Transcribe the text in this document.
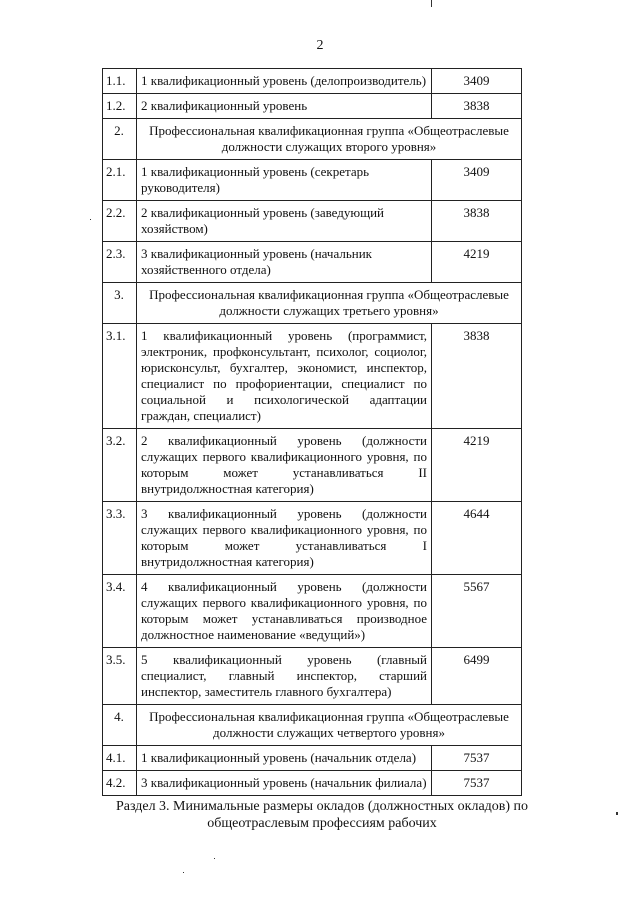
2
1.1.	1 квалификационный уровень (делопроизводитель)	3409
1.2.	2 квалификационный уровень	3838
2.	Профессиональная квалификационная группа «Общеотраслевые должности служащих второго уровня»	
2.1.	1 квалификационный уровень (секретарь руководителя)	3409
2.2.	2 квалификационный уровень (заведующий хозяйством)	3838
2.3.	3 квалификационный уровень (начальник хозяйственного отдела)	4219
3.	Профессиональная квалификационная группа «Общеотраслевые должности служащих третьего уровня»	
3.1.	1 квалификационный уровень (программист, электроник, профконсультант, психолог, социолог, юрисконсульт, бухгалтер, экономист, инспектор, специалист по профориентации, специалист по социальной и психологической адаптации граждан, специалист)	3838
3.2.	2 квалификационный уровень (должности служащих первого квалификационного уровня, по которым может устанавливаться II внутридолжностная категория)	4219
3.3.	3 квалификационный уровень (должности служащих первого квалификационного уровня, по которым может устанавливаться I внутридолжностная категория)	4644
3.4.	4 квалификационный уровень (должности служащих первого квалификационного уровня, по которым может устанавливаться производное должностное наименование «ведущий»)	5567
3.5.	5 квалификационный уровень (главный специалист, главный инспектор, старший инспектор, заместитель главного бухгалтера)	6499
4.	Профессиональная квалификационная группа «Общеотраслевые должности служащих четвертого уровня»	
4.1.	1 квалификационный уровень (начальник отдела)	7537
4.2.	3 квалификационный уровень (начальник филиала)	7537
Раздел 3. Минимальные размеры окладов (должностных окладов) по общеотраслевым профессиям рабочих
